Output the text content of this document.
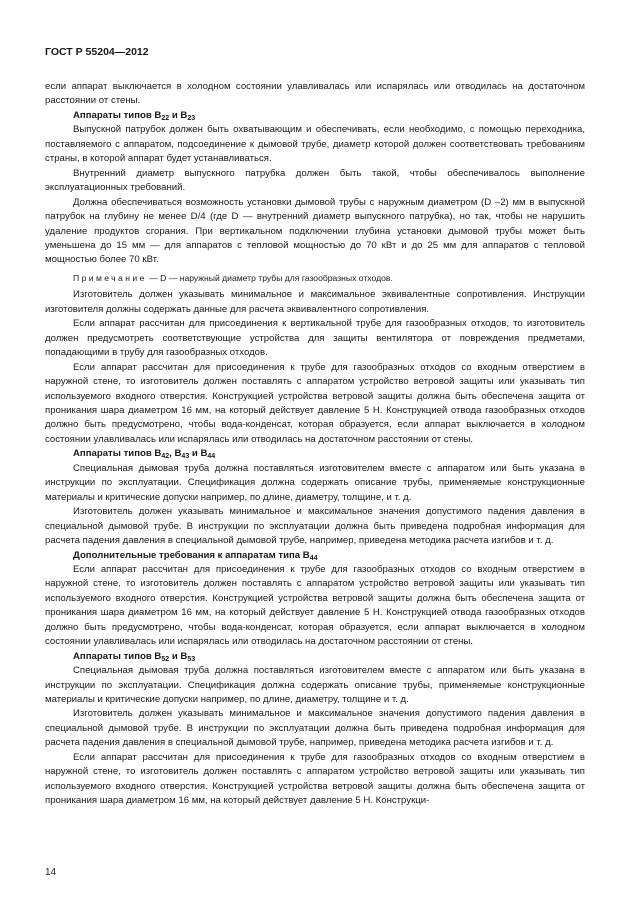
ГОСТ Р 55204—2012

если аппарат выключается в холодном состоянии улавливалась или испарялась или отводилась на достаточном расстоянии от стены.

Аппараты типов $В_{22}$ и $В_{23}$

Выпускной патрубок должен быть охватывающим и обеспечивать, если необходимо, с помощью переходника, поставляемого с аппаратом, подсоединение к дымовой трубе, диаметр которой должен соответствовать требованиям страны, в которой аппарат будет устанавливаться.

Внутренний диаметр выпускного патрубка должен быть такой, чтобы обеспечивалось выполнение эксплуатационных требований.

Должна обеспечиваться возможность установки дымовой трубы с наружным диаметром (D –2) мм в выпускной патрубок на глубину не менее D/4 (где D — внутренний диаметр выпускного патрубка), но так, чтобы не нарушить удаление продуктов сгорания. При вертикальном подключении глубина установки дымовой трубы может быть уменьшена до 15 мм — для аппаратов с тепловой мощностью до 70 кВт и до 25 мм для аппаратов с тепловой мощностью более 70 кВт.

Примечание — D — наружный диаметр трубы для газообразных отходов.

Изготовитель должен указывать минимальное и максимальное эквивалентные сопротивления. Инструкции изготовителя должны содержать данные для расчета эквивалентного сопротивления.

Если аппарат рассчитан для присоединения к вертикальной трубе для газообразных отходов, то изготовитель должен предусмотреть соответствующие устройства для защиты вентилятора от повреждения предметами, попадающими в трубу для газообразных отходов.

Если аппарат рассчитан для присоединения к трубе для газообразных отходов со входным отверстием в наружной стене, то изготовитель должен поставлять с аппаратом устройство ветровой защиты или указывать тип используемого входного отверстия. Конструкцией устройства ветровой защиты должна быть обеспечена защита от проникания шара диаметром 16 мм, на который действует давление 5 Н. Конструкцией отвода газообразных отходов должно быть предусмотрено, чтобы вода-конденсат, которая образуется, если аппарат выключается в холодном состоянии улавливалась или испарялась или отводилась на достаточном расстоянии от стены.

Аппараты типов $В_{42}$, $В_{43}$ и $В_{44}$

Специальная дымовая труба должна поставляться изготовителем вместе с аппаратом или быть указана в инструкции по эксплуатации. Спецификация должна содержать описание трубы, применяемые конструкционные материалы и критические допуски например, по длине, диаметру, толщине, и т. д.

Изготовитель должен указывать минимальное и максимальное значения допустимого падения давления в специальной дымовой трубе. В инструкции по эксплуатации должна быть приведена подробная информация для расчета падения давления в специальной дымовой трубе, например, приведена методика расчета изгибов и т. д.

Дополнительные требования к аппаратам типа $В_{44}$

Если аппарат рассчитан для присоединения к трубе для газообразных отходов со входным отверстием в наружной стене, то изготовитель должен поставлять с аппаратом устройство ветровой защиты или указывать тип используемого входного отверстия. Конструкцией устройства ветровой защиты должна быть обеспечена защита от проникания шара диаметром 16 мм, на который действует давление 5 Н. Конструкцией отвода газообразных отходов должно быть предусмотрено, чтобы вода-конденсат, которая образуется, если аппарат выключается в холодном состоянии улавливалась или испарялась или отводилась на достаточном расстоянии от стены.

Аппараты типов $В_{52}$ и $В_{53}$

Специальная дымовая труба должна поставляться изготовителем вместе с аппаратом или быть указана в инструкции по эксплуатации. Спецификация должна содержать описание трубы, применяемые конструкционные материалы и критические допуски например, по длине, диаметру, толщине и т. д.

Изготовитель должен указывать минимальное и максимальное значения допустимого падения давления в специальной дымовой трубе. В инструкции по эксплуатации должна быть приведена подробная информация для расчета падения давления в специальной дымовой трубе, например, приведена методика расчета изгибов и т. д.

Если аппарат рассчитан для присоединения к трубе для газообразных отходов со входным отверстием в наружной стене, то изготовитель должен поставлять с аппаратом устройство ветровой защиты или указывать тип используемого входного отверстия. Конструкцией устройства ветровой защиты должна быть обеспечена защита от проникания шара диаметром 16 мм, на который действует давление 5 Н. Конструкци-

14
